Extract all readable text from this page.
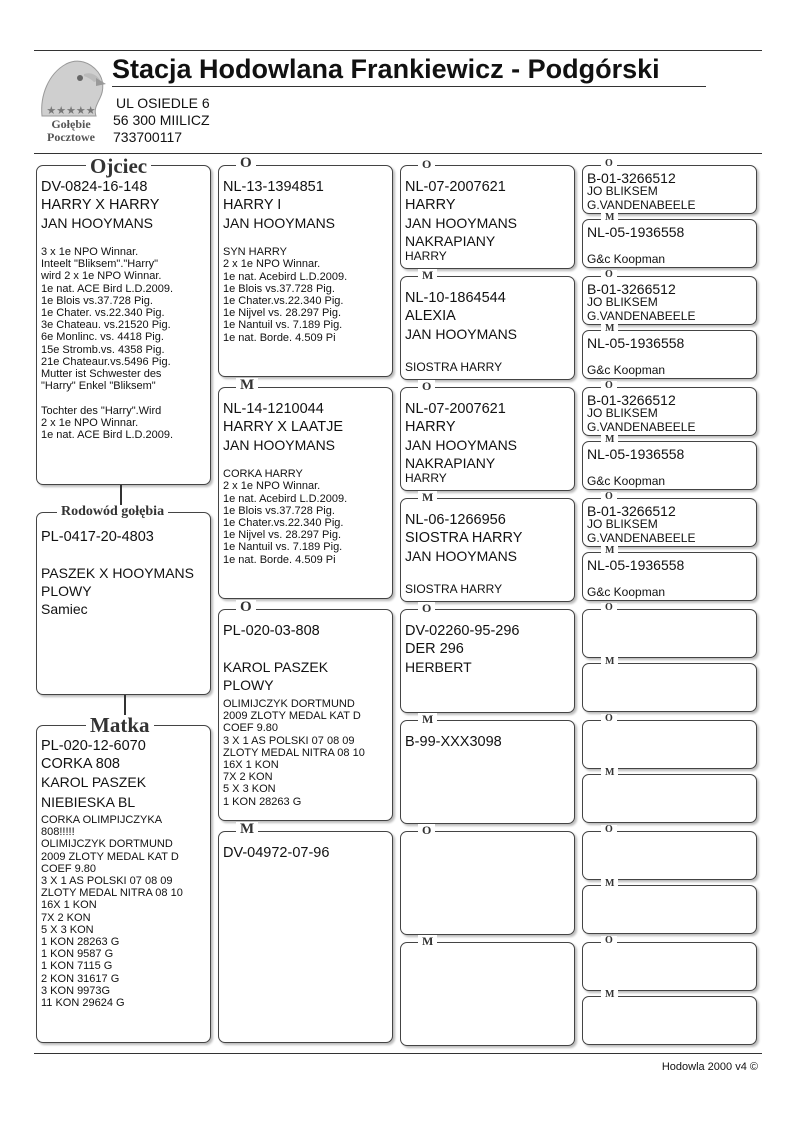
★★★★★
Gołębie
Pocztowe
Stacja Hodowlana Frankiewicz - Podgórski
UL OSIEDLE 6
56 300 MIILICZ
733700117
DV-0824-16-148
HARRY X HARRY
JAN HOOYMANS
3 x 1e NPO Winnar.
Inteelt "Bliksem"."Harry"
wird 2 x 1e NPO Winnar.
1e nat. ACE Bird L.D.2009.
1e Blois vs.37.728 Pig.
1e Chater. vs.22.340 Pig.
3e Chateau. vs.21520 Pig.
6e Monlinc. vs. 4418 Pig.
15e Stromb.vs. 4358 Pig.
21e Chateaur.vs.5496 Pig.
Mutter ist Schwester des
"Harry" Enkel "Bliksem"

Tochter des "Harry".Wird
2 x 1e NPO Winnar.
1e nat. ACE Bird L.D.2009.
Ojciec
PL-0417-20-4803

PASZEK X HOOYMANS
PLOWY
Samiec
Rodowód gołębia
PL-020-12-6070
CORKA 808
KAROL PASZEK
NIEBIESKA BL
CORKA OLIMPIJCZYKA
808!!!!!
OLIMIJCZYK DORTMUND
2009 ZLOTY MEDAL KAT D
COEF 9.80
3 X 1 AS POLSKI 07 08 09
ZLOTY MEDAL NITRA 08 10
16X 1 KON
7X 2 KON
5 X 3 KON
1 KON 28263 G
1 KON 9587 G
1 KON 7115 G
2 KON 31617 G
3 KON 9973G
11 KON 29624 G
Matka
NL-13-1394851
HARRY I
JAN HOOYMANS

SYN HARRY
2 x 1e NPO Winnar.
1e nat. Acebird L.D.2009.
1e Blois vs.37.728 Pig.
1e Chater.vs.22.340 Pig.
1e Nijvel vs. 28.297 Pig.
1e Nantuil vs. 7.189 Pig.
1e nat. Borde. 4.509 Pi
O
NL-14-1210044
HARRY X LAATJE
JAN HOOYMANS

CORKA HARRY
2 x 1e NPO Winnar.
1e nat. Acebird L.D.2009.
1e Blois vs.37.728 Pig.
1e Chater.vs.22.340 Pig.
1e Nijvel vs. 28.297 Pig.
1e Nantuil vs. 7.189 Pig.
1e nat. Borde. 4.509 Pi
M
PL-020-03-808

KAROL PASZEK
PLOWY
OLIMIJCZYK DORTMUND
2009 ZLOTY MEDAL KAT D
COEF 9.80
3 X 1 AS POLSKI 07 08 09
ZLOTY MEDAL NITRA 08 10
16X 1 KON
7X 2 KON
5 X 3 KON
1 KON 28263 G
O
DV-04972-07-96
M
NL-07-2007621
HARRY
JAN HOOYMANS
NAKRAPIANY
HARRY
O
NL-10-1864544
ALEXIA
JAN HOOYMANS
SIOSTRA HARRY
M
NL-07-2007621
HARRY
JAN HOOYMANS
NAKRAPIANY
HARRY
O
NL-06-1266956
SIOSTRA HARRY
JAN HOOYMANS
SIOSTRA HARRY
M
DV-02260-95-296
DER 296
HERBERT
O
B-99-XXX3098
M
O
M
B-01-3266512
JO BLIKSEM
G.VANDENABEELE
O
NL-05-1936558
G&c Koopman
M
B-01-3266512
JO BLIKSEM
G.VANDENABEELE
O
NL-05-1936558
G&c Koopman
M
B-01-3266512
JO BLIKSEM
G.VANDENABEELE
O
NL-05-1936558
G&c Koopman
M
B-01-3266512
JO BLIKSEM
G.VANDENABEELE
O
NL-05-1936558
G&c Koopman
M
O
M
O
M
O
M
O
M
Hodowla 2000 v4 ©
